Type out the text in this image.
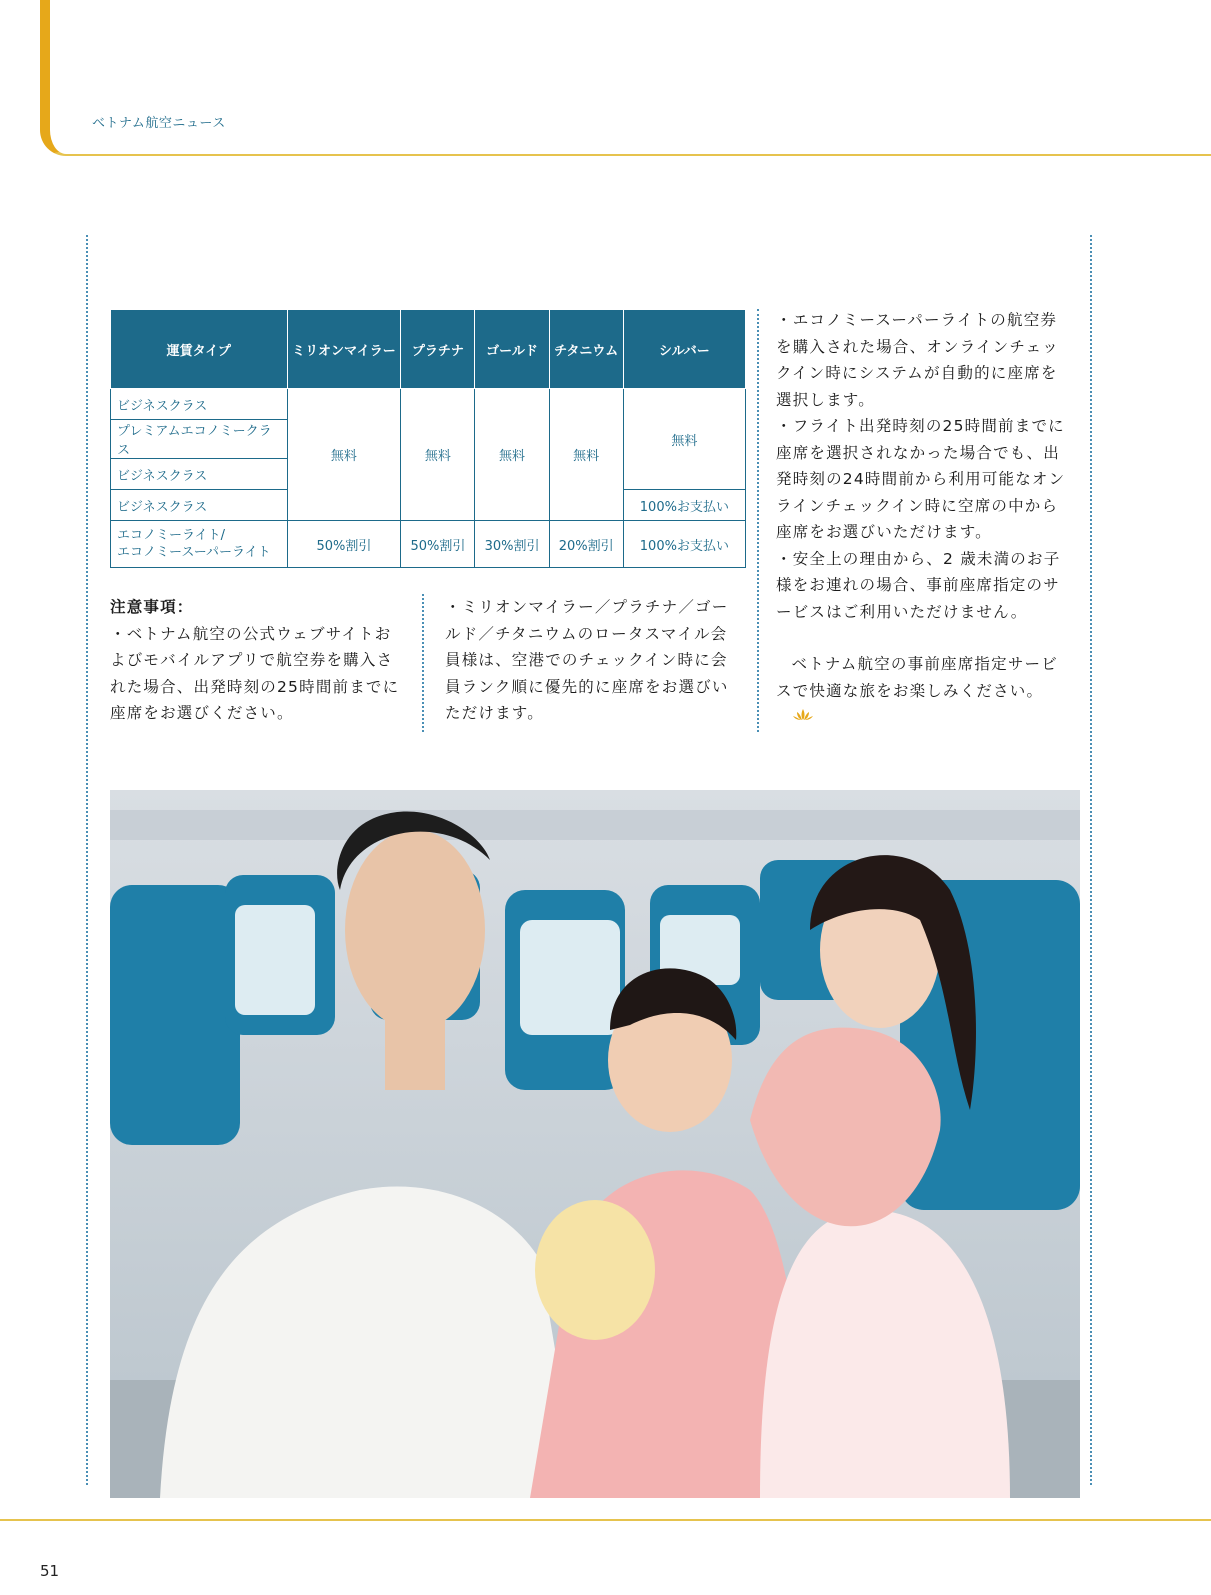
ベトナム航空ニュース
運賃タイプ	ミリオンマイラー	プラチナ	ゴールド	チタニウム	シルバー
ビジネスクラス	無料	無料	無料	無料	無料
プレミアムエコノミークラス					
ビジネスクラス					
ビジネスクラス					100%お支払い
エコノミーライト/
エコノミースーパーライト	50%割引	50%割引	30%割引	20%割引	100%お支払い
注意事項：
・ベトナム航空の公式ウェブサイトおよびモバイルアプリで航空券を購入された場合、出発時刻の25時間前までに座席をお選びください。
・ミリオンマイラー／プラチナ／ゴールド／チタニウムのロータスマイル会員様は、空港でのチェックイン時に会員ランク順に優先的に座席をお選びいただけます。
・エコノミースーパーライトの航空券を購入された場合、オンラインチェックイン時にシステムが自動的に座席を選択します。
・フライト出発時刻の25時間前までに座席を選択されなかった場合でも、出発時刻の24時間前から利用可能なオンラインチェックイン時に空席の中から座席をお選びいただけます。
・安全上の理由から、2 歳未満のお子様をお連れの場合、事前座席指定のサービスはご利用いただけません。
ベトナム航空の事前座席指定サービスで快適な旅をお楽しみください。
51
